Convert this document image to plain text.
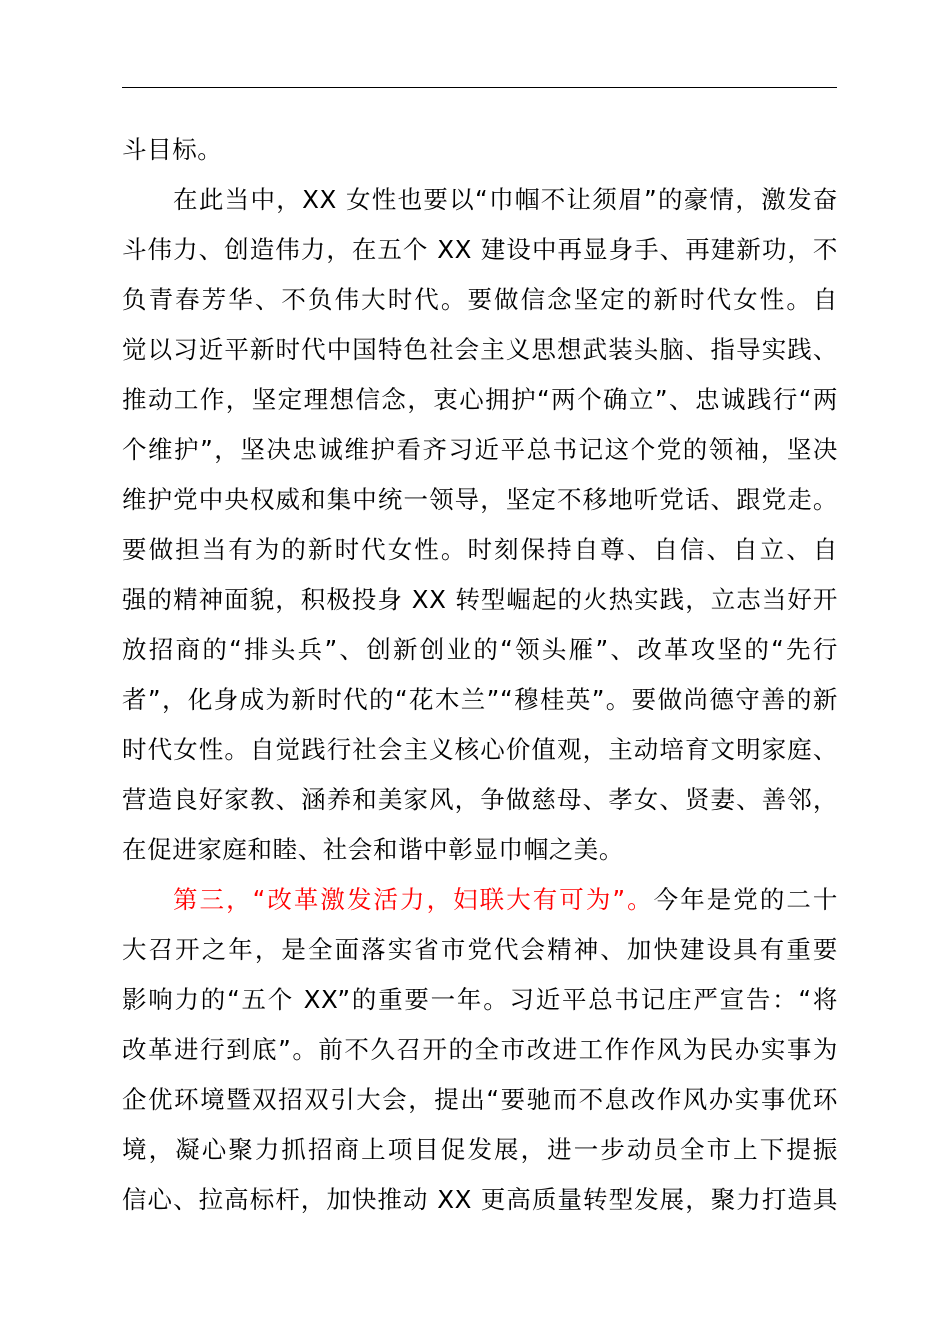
斗目标。
在此当中，XX 女性也要以“巾帼不让须眉”的豪情，激发奋
斗伟力、创造伟力，在五个 XX 建设中再显身手、再建新功，不
负青春芳华、不负伟大时代。要做信念坚定的新时代女性。自
觉以习近平新时代中国特色社会主义思想武装头脑、指导实践、
推动工作，坚定理想信念，衷心拥护“两个确立”、忠诚践行“两
个维护”，坚决忠诚维护看齐习近平总书记这个党的领袖，坚决
维护党中央权威和集中统一领导，坚定不移地听党话、跟党走。
要做担当有为的新时代女性。时刻保持自尊、自信、自立、自
强的精神面貌，积极投身 XX 转型崛起的火热实践，立志当好开
放招商的“排头兵”、创新创业的“领头雁”、改革攻坚的“先行
者”，化身成为新时代的“花木兰”“穆桂英”。要做尚德守善的新
时代女性。自觉践行社会主义核心价值观，主动培育文明家庭、
营造良好家教、涵养和美家风，争做慈母、孝女、贤妻、善邻，
在促进家庭和睦、社会和谐中彰显巾帼之美。
第三，“改革激发活力，妇联大有可为”。今年是党的二十
大召开之年，是全面落实省市党代会精神、加快建设具有重要
影响力的“五个 XX”的重要一年。习近平总书记庄严宣告：“将
改革进行到底”。前不久召开的全市改进工作作风为民办实事为
企优环境暨双招双引大会，提出“要驰而不息改作风办实事优环
境，凝心聚力抓招商上项目促发展，进一步动员全市上下提振
信心、拉高标杆，加快推动 XX 更高质量转型发展，聚力打造具
